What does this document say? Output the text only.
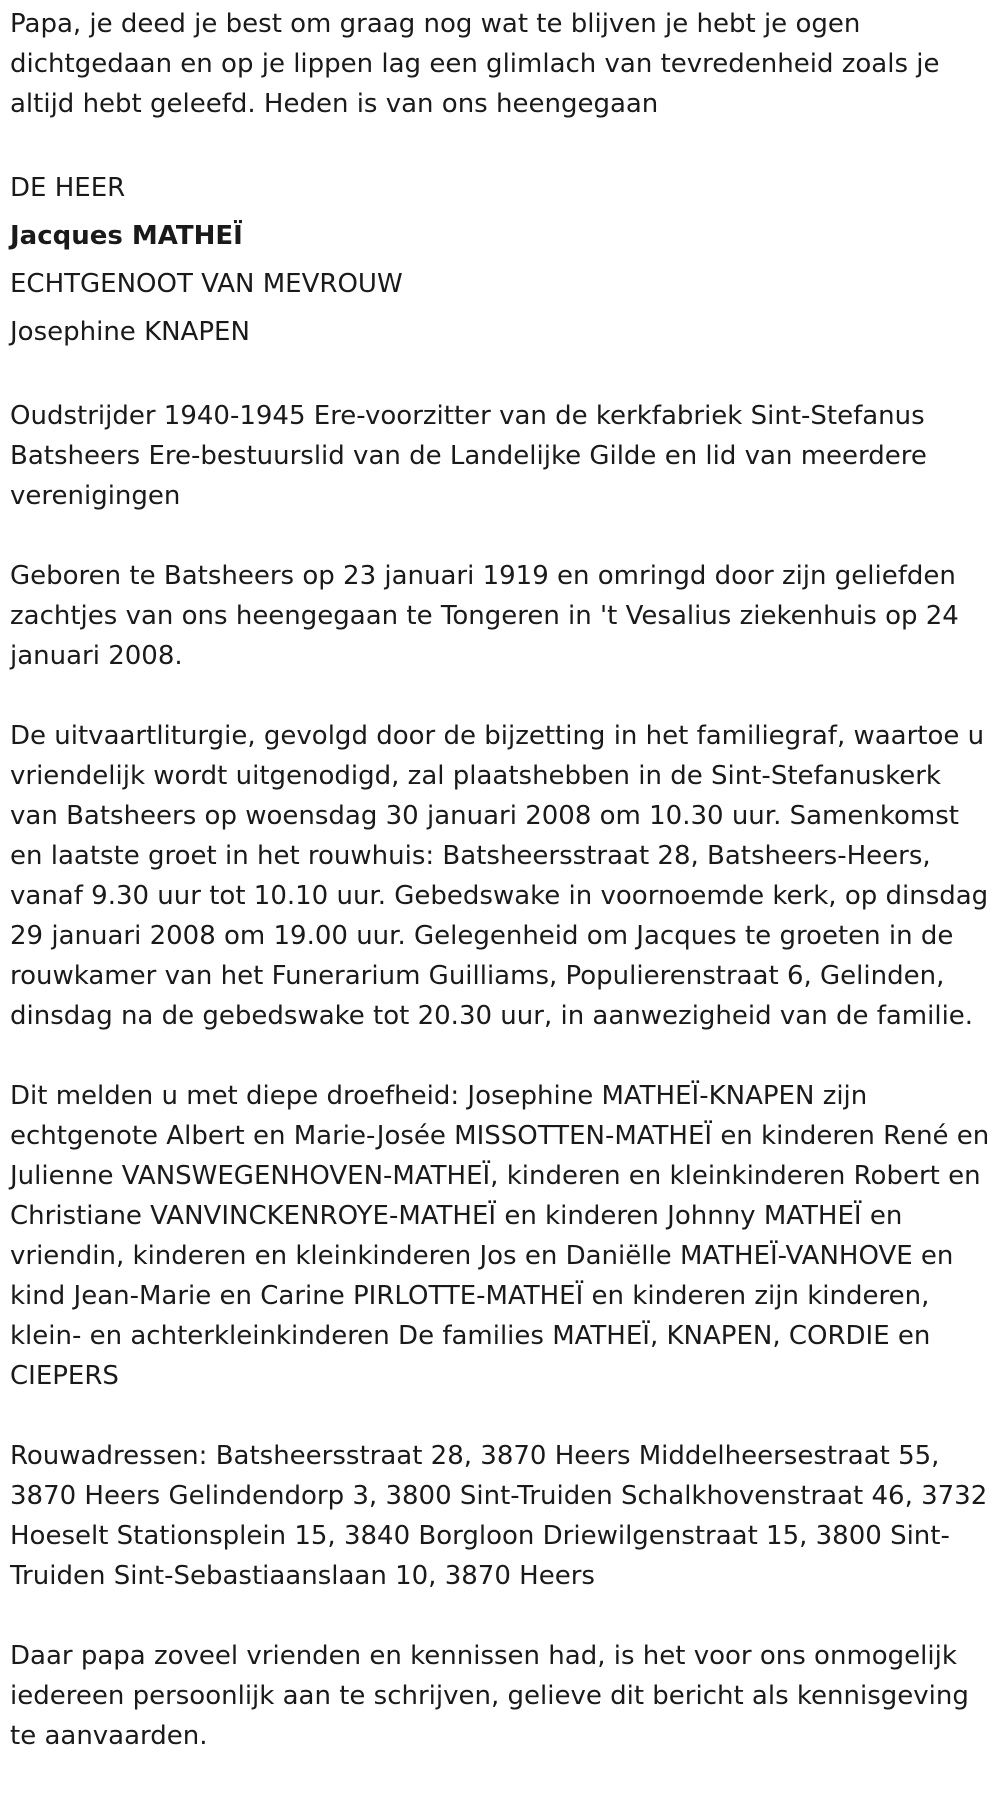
Papa, je deed je best om graag nog wat te blijven je hebt je ogen dichtgedaan en op je lippen lag een glimlach van tevredenheid zoals je altijd hebt geleefd. Heden is van ons heengegaan

DE HEER
Jacques MATHEÏ
ECHTGENOOT VAN MEVROUW
Josephine KNAPEN

Oudstrijder 1940-1945 Ere-voorzitter van de kerkfabriek Sint-Stefanus Batsheers Ere-bestuurslid van de Landelijke Gilde en lid van meerdere verenigingen

Geboren te Batsheers op 23 januari 1919 en omringd door zijn geliefden zachtjes van ons heengegaan te Tongeren in 't Vesalius ziekenhuis op 24 januari 2008.

De uitvaartliturgie, gevolgd door de bijzetting in het familiegraf, waartoe u vriendelijk wordt uitgenodigd, zal plaatshebben in de Sint-Stefanuskerk van Batsheers op woensdag 30 januari 2008 om 10.30 uur. Samenkomst en laatste groet in het rouwhuis: Batsheersstraat 28, Batsheers-Heers, vanaf 9.30 uur tot 10.10 uur. Gebedswake in voornoemde kerk, op dinsdag 29 januari 2008 om 19.00 uur. Gelegenheid om Jacques te groeten in de rouwkamer van het Funerarium Guilliams, Populierenstraat 6, Gelinden, dinsdag na de gebedswake tot 20.30 uur, in aanwezigheid van de familie.

Dit melden u met diepe droefheid: Josephine MATHEÏ-KNAPEN zijn echtgenote Albert en Marie-Josée MISSOTTEN-MATHEÏ en kinderen René en Julienne VANSWEGENHOVEN-MATHEÏ, kinderen en kleinkinderen Robert en Christiane VANVINCKENROYE-MATHEÏ en kinderen Johnny MATHEÏ en vriendin, kinderen en kleinkinderen Jos en Daniëlle MATHEÏ-VANHOVE en kind Jean-Marie en Carine PIRLOTTE-MATHEÏ en kinderen zijn kinderen, klein- en achterkleinkinderen De families MATHEÏ, KNAPEN, CORDIE en CIEPERS

Rouwadressen: Batsheersstraat 28, 3870 Heers Middelheersestraat 55, 3870 Heers Gelindendorp 3, 3800 Sint-Truiden Schalkhovenstraat 46, 3732 Hoeselt Stationsplein 15, 3840 Borgloon Driewilgenstraat 15, 3800 Sint-Truiden Sint-Sebastiaanslaan 10, 3870 Heers

Daar papa zoveel vrienden en kennissen had, is het voor ons onmogelijk iedereen persoonlijk aan te schrijven, gelieve dit bericht als kennisgeving te aanvaarden.
